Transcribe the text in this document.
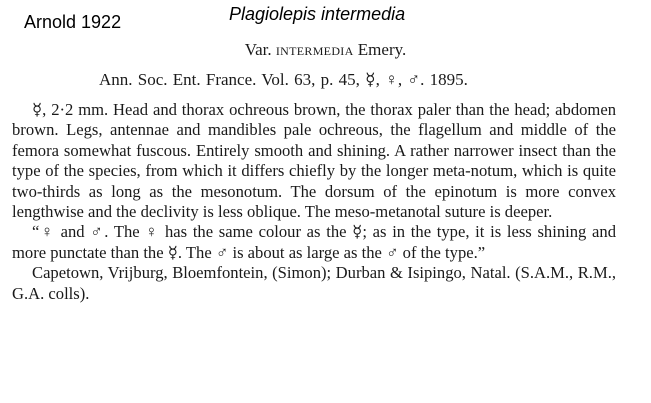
Arnold 1922	Plagiolepis intermedia
Var. intermedia Emery.
Ann. Soc. Ent. France. Vol. 63, p. 45, ☿, ♀, ♂. 1895.

☿, 2·2 mm. Head and thorax ochreous brown, the thorax paler than the head; abdomen brown. Legs, antennae and mandibles pale ochreous, the flagellum and middle of the femora somewhat fuscous. Entirely smooth and shining. A rather narrower insect than the type of the species, from which it differs chiefly by the longer meta-notum, which is quite two-thirds as long as the mesonotum. The dorsum of the epinotum is more convex lengthwise and the declivity is less oblique. The meso-metanotal suture is deeper.

“♀ and ♂. The ♀ has the same colour as the ☿; as in the type, it is less shining and more punctate than the ☿. The ♂ is about as large as the ♂ of the type.”

Capetown, Vrijburg, Bloemfontein, (Simon); Durban & Isipingo, Natal. (S.A.M., R.M., G.A. colls).
